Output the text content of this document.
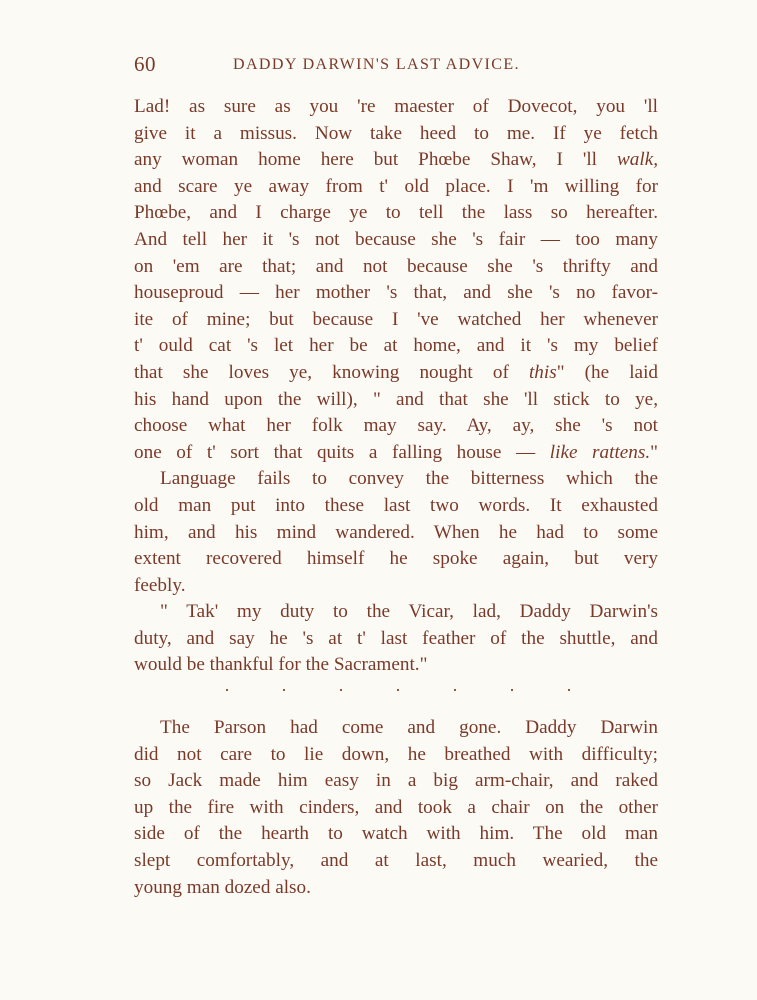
60	DADDY DARWIN'S LAST ADVICE.
Lad! as sure as you 're maester of Dovecot, you 'll
give it a missus. Now take heed to me. If ye fetch
any woman home here but Phœbe Shaw, I 'll walk,
and scare ye away from t' old place. I 'm willing for
Phœbe, and I charge ye to tell the lass so hereafter.
And tell her it 's not because she 's fair — too many
on 'em are that; and not because she 's thrifty and
houseproud — her mother 's that, and she 's no favor-
ite of mine; but because I 've watched her whenever
t' ould cat 's let her be at home, and it 's my belief
that she loves ye, knowing nought of this" (he laid
his hand upon the will), " and that she 'll stick to ye,
choose what her folk may say. Ay, ay, she 's not
one of t' sort that quits a falling house — like rattens."
Language fails to convey the bitterness which the
old man put into these last two words. It exhausted
him, and his mind wandered. When he had to some
extent recovered himself he spoke again, but very
feebly.
" Tak' my duty to the Vicar, lad, Daddy Darwin's
duty, and say he 's at t' last feather of the shuttle, and
would be thankful for the Sacrament."
·	·	·	·	·	·	·
The Parson had come and gone. Daddy Darwin
did not care to lie down, he breathed with difficulty;
so Jack made him easy in a big arm-chair, and raked
up the fire with cinders, and took a chair on the other
side of the hearth to watch with him. The old man
slept comfortably, and at last, much wearied, the
young man dozed also.
